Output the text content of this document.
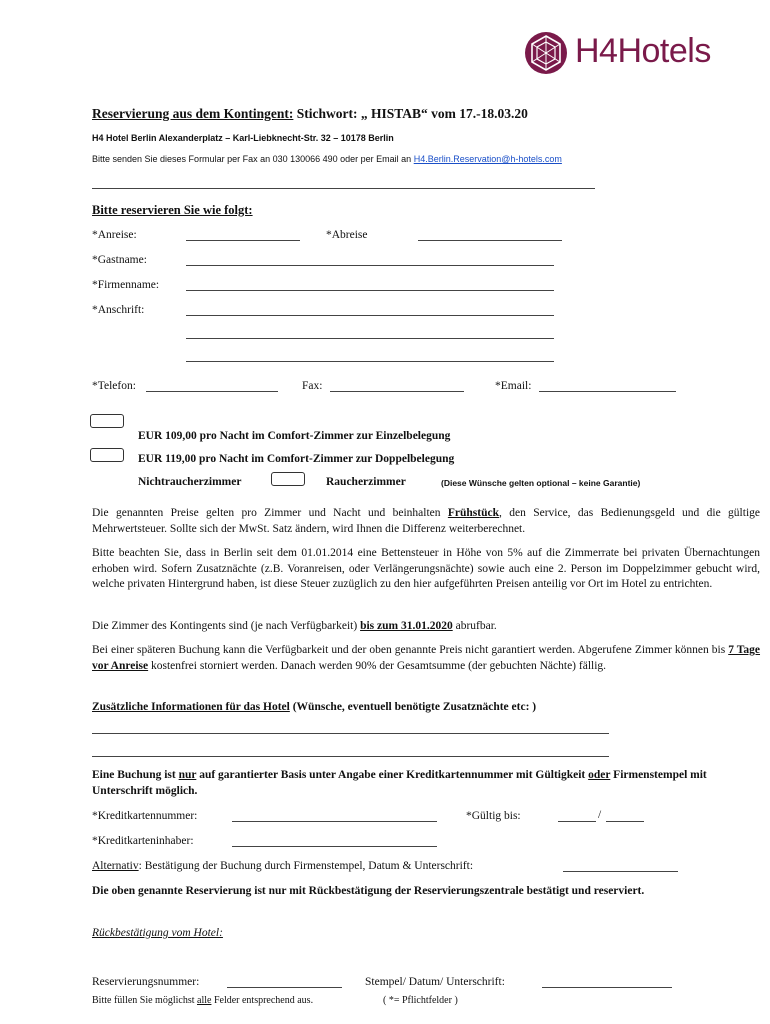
H4Hotels
Reservierung aus dem Kontingent: Stichwort: „ HISTAB“ vom 17.-18.03.20
H4 Hotel Berlin Alexanderplatz – Karl-Liebknecht-Str. 32 – 10178 Berlin
Bitte senden Sie dieses Formular per Fax an 030 130066 490 oder per Email an H4.Berlin.Reservation@h-hotels.com
Bitte reservieren Sie wie folgt:
*Anreise:	*Abreise
*Gastname:
*Firmenname:
*Anschrift:
*Telefon:	Fax:	*Email:
EUR 109,00 pro Nacht im Comfort-Zimmer zur Einzelbelegung
EUR 119,00 pro Nacht im Comfort-Zimmer zur Doppelbelegung
Nichtraucherzimmer	Raucherzimmer	(Diese Wünsche gelten optional – keine Garantie)

Die genannten Preise gelten pro Zimmer und Nacht und beinhalten Frühstück, den Service, das Bedienungsgeld und die gültige Mehrwertsteuer. Sollte sich der MwSt. Satz ändern, wird Ihnen die Differenz weiterberechnet.

Bitte beachten Sie, dass in Berlin seit dem 01.01.2014 eine Bettensteuer in Höhe von 5% auf die Zimmerrate bei privaten Übernachtungen erhoben wird. Sofern Zusatznächte (z.B. Voranreisen, oder Verlängerungsnächte) sowie auch eine 2. Person im Doppelzimmer gebucht wird, welche privaten Hintergrund haben, ist diese Steuer zuzüglich zu den hier aufgeführten Preisen anteilig vor Ort im Hotel zu entrichten.

Die Zimmer des Kontingents sind (je nach Verfügbarkeit) bis zum 31.01.2020 abrufbar.

Bei einer späteren Buchung kann die Verfügbarkeit und der oben genannte Preis nicht garantiert werden. Abgerufene Zimmer können bis 7 Tage vor Anreise kostenfrei storniert werden. Danach werden 90% der Gesamtsumme (der gebuchten Nächte) fällig.

Zusätzliche Informationen für das Hotel (Wünsche, eventuell benötigte Zusatznächte etc: )

Eine Buchung ist nur auf garantierter Basis unter Angabe einer Kreditkartennummer mit Gültigkeit oder Firmenstempel mit Unterschrift möglich.

*Kreditkartennummer:	*Gültig bis:	/
*Kreditkarteninhaber:
Alternativ: Bestätigung der Buchung durch Firmenstempel, Datum & Unterschrift:

Die oben genannte Reservierung ist nur mit Rückbestätigung der Reservierungszentrale bestätigt und reserviert.

Rückbestätigung vom Hotel:
Reservierungsnummer:	Stempel/ Datum/ Unterschrift:
Bitte füllen Sie möglichst alle Felder entsprechend aus.	( *= Pflichtfelder )
